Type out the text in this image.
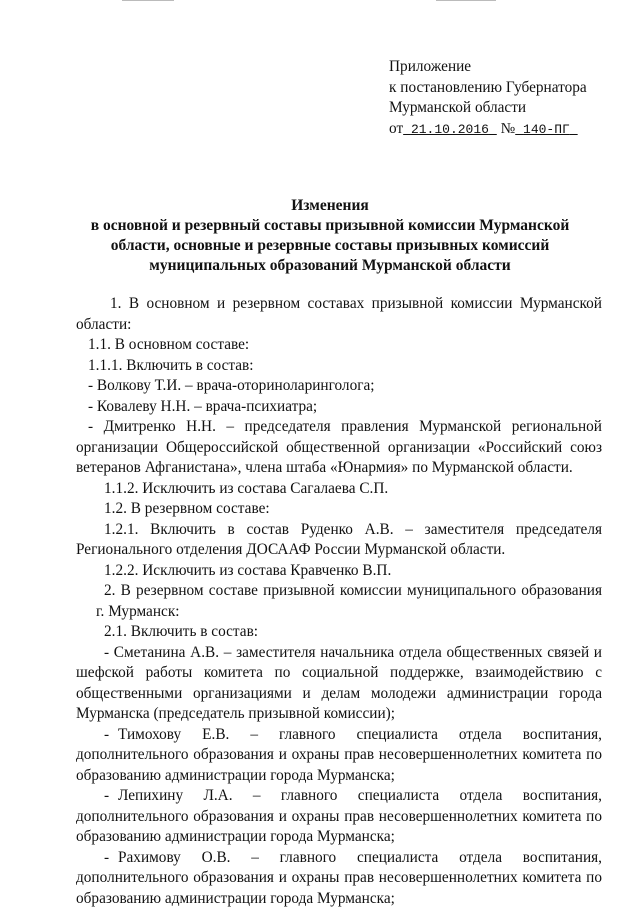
Приложение
к постановлению Губернатора
Мурманской области
от 21.10.2016 № 140-ПГ
Изменения
в основной и резервный составы призывной комиссии Мурманской
области, основные и резервные составы призывных комиссий
муниципальных образований Мурманской области

1. В основном и резервном составах призывной комиссии Мурманской

области:

1.1. В основном составе:

1.1.1. Включить в состав:

- Волкову Т.И. – врача-оториноларинголога;

- Ковалеву Н.Н. – врача-психиатра;

- Дмитренко Н.Н. – председателя правления Мурманской региональной

организации Общероссийской общественной организации «Российский союз

ветеранов Афганистана», члена штаба «Юнармия» по Мурманской области.

1.1.2. Исключить из состава Сагалаева С.П.

1.2. В резервном составе:

1.2.1. Включить в состав Руденко А.В. – заместителя председателя

Регионального отделения ДОСААФ России Мурманской области.

1.2.2. Исключить из состава Кравченко В.П.

2. В резервном составе призывной комиссии муниципального образования

г. Мурманск:

2.1. Включить в состав:

- Сметанина А.В. – заместителя начальника отдела общественных связей и

шефской работы комитета по социальной поддержке, взаимодействию с

общественными организациями и делам молодежи администрации города

Мурманска (председатель призывной комиссии);

- Тимохову Е.В. – главного специалиста отдела воспитания,

дополнительного образования и охраны прав несовершеннолетних комитета по

образованию администрации города Мурманска;

- Лепихину Л.А. – главного специалиста отдела воспитания,

дополнительного образования и охраны прав несовершеннолетних комитета по

образованию администрации города Мурманска;

- Рахимову О.В. – главного специалиста отдела воспитания,

дополнительного образования и охраны прав несовершеннолетних комитета по

образованию администрации города Мурманска;
